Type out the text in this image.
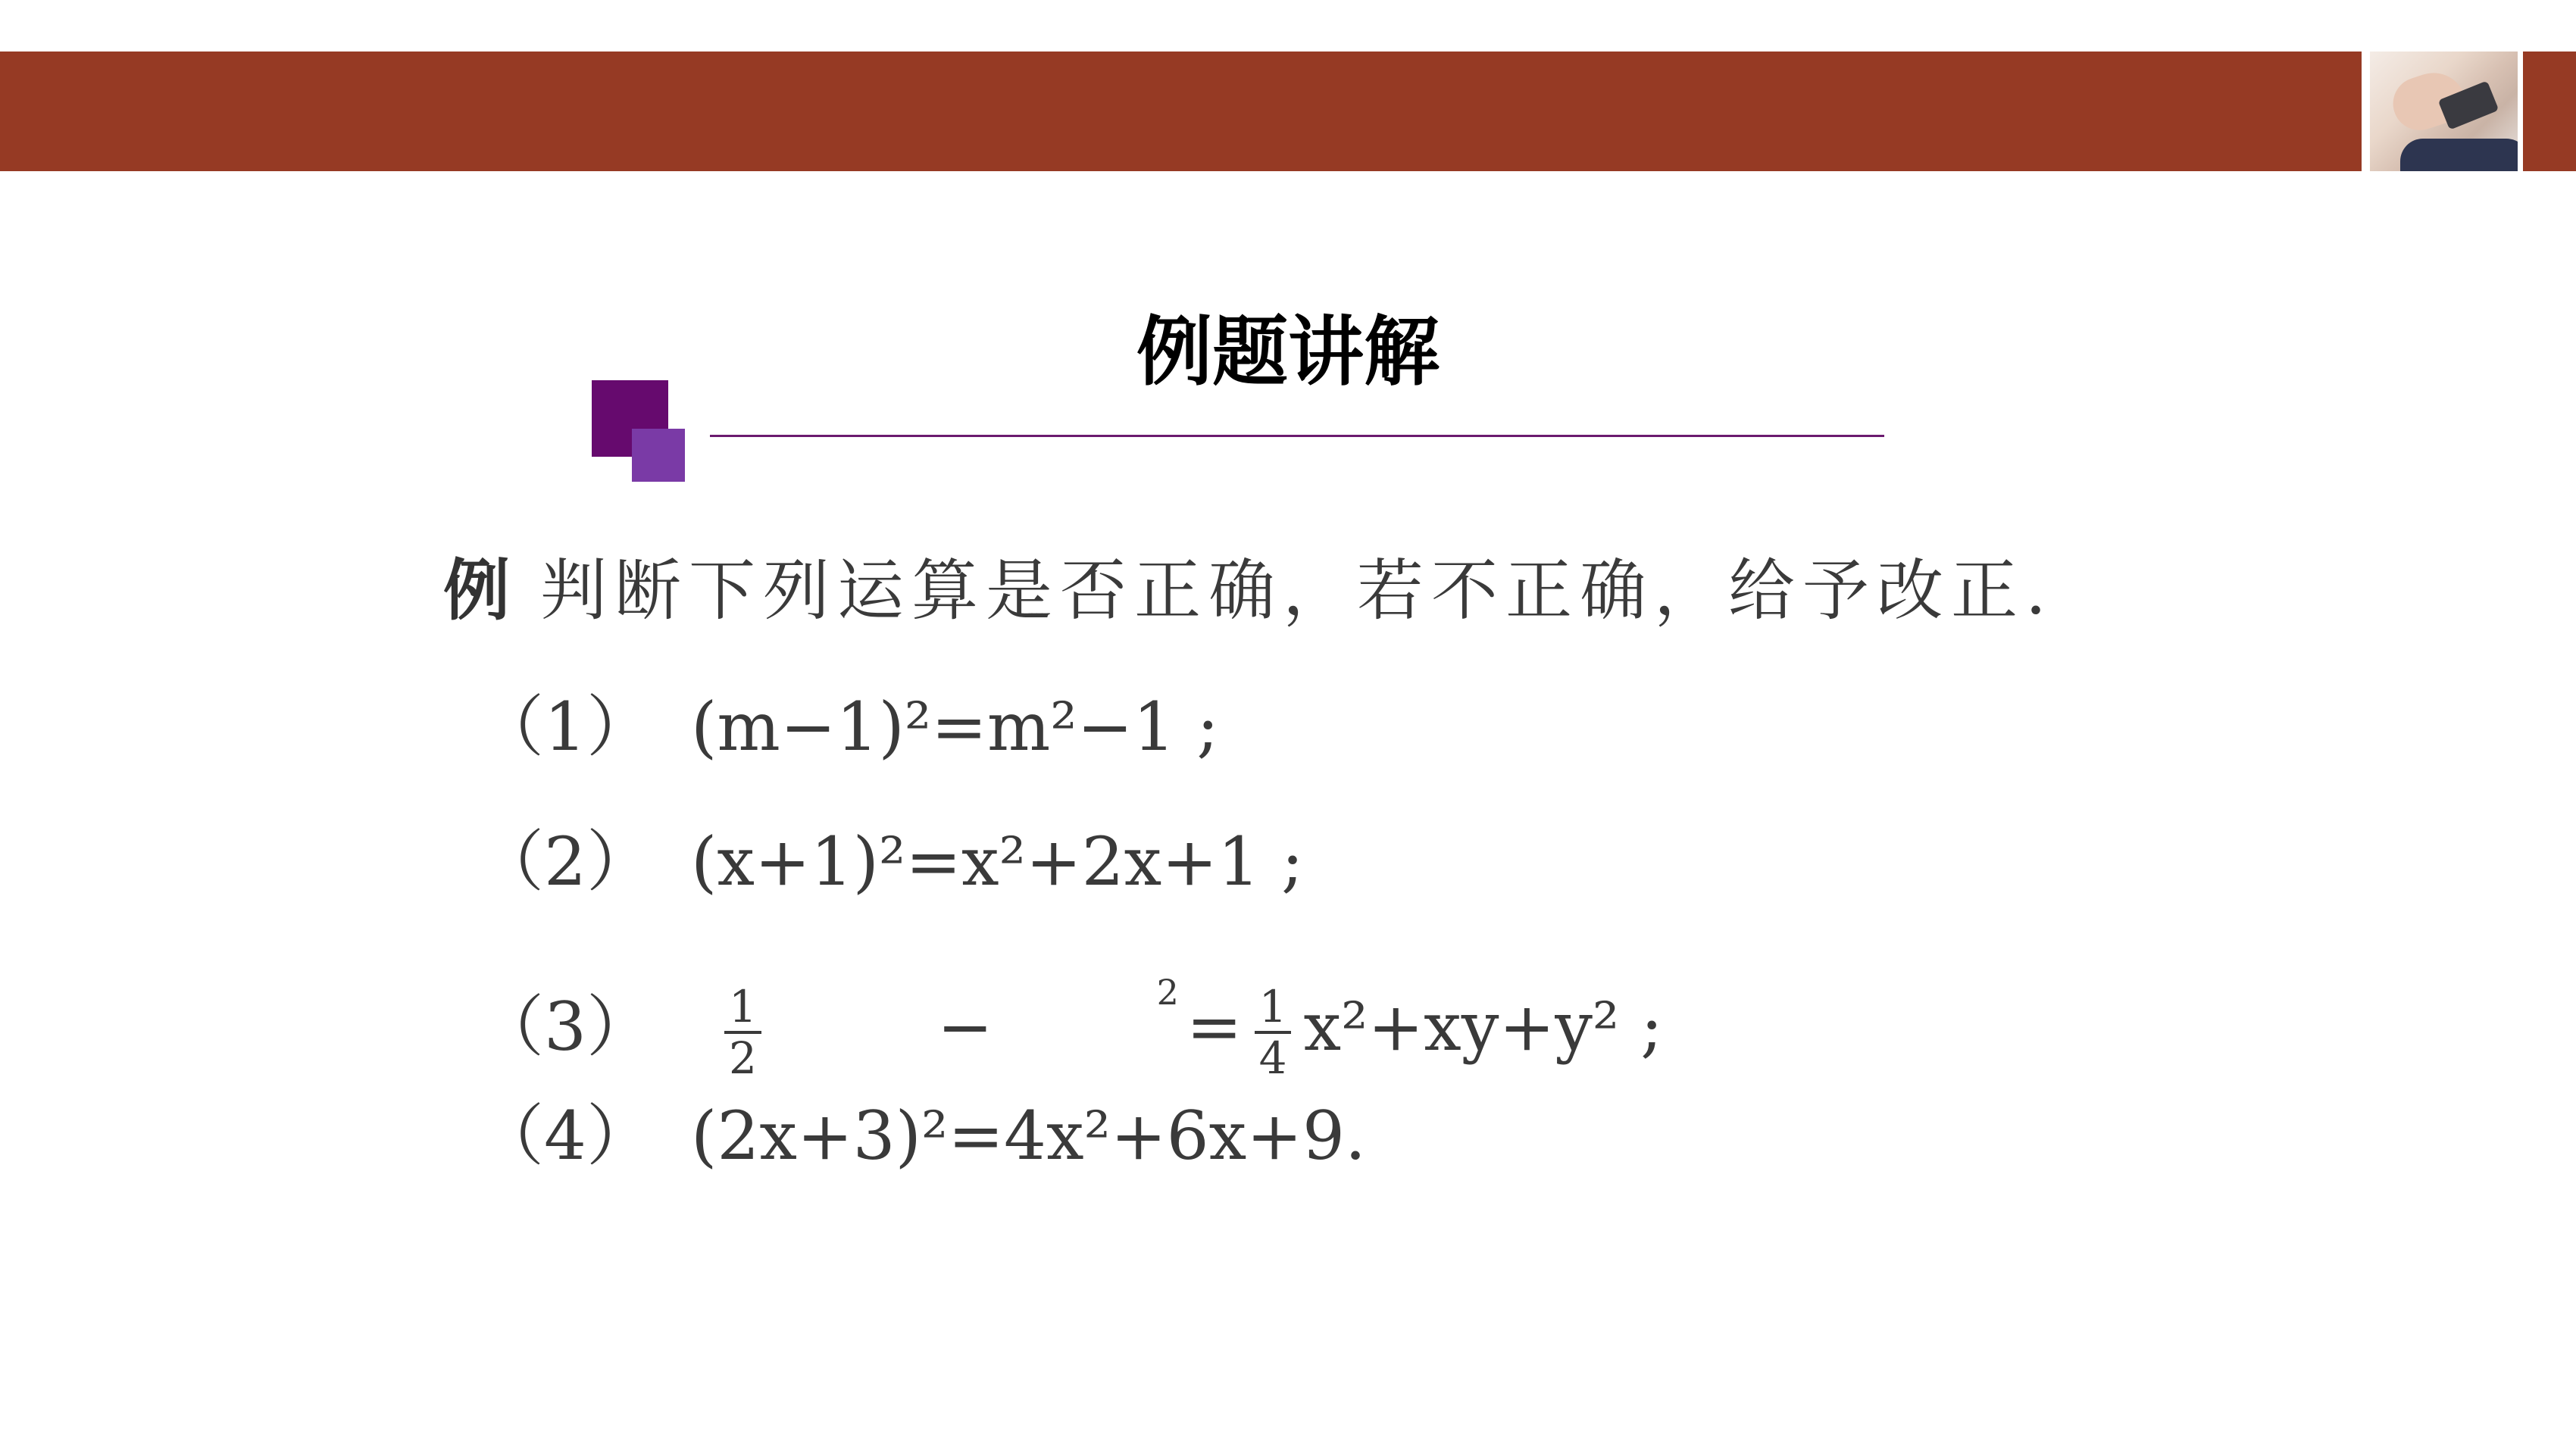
例题讲解
例 判断下列运算是否正确，若不正确，给予改正.
（1） (m−1)²=m²−1 ;
（2） (x+1)²=x²+2x+1 ;
$(3) \frac{1}{2}$	−	$^2 = \frac{1}{4} x^2+xy+y^2$ ;
（4） (2x+3)²=4x²+6x+9.
